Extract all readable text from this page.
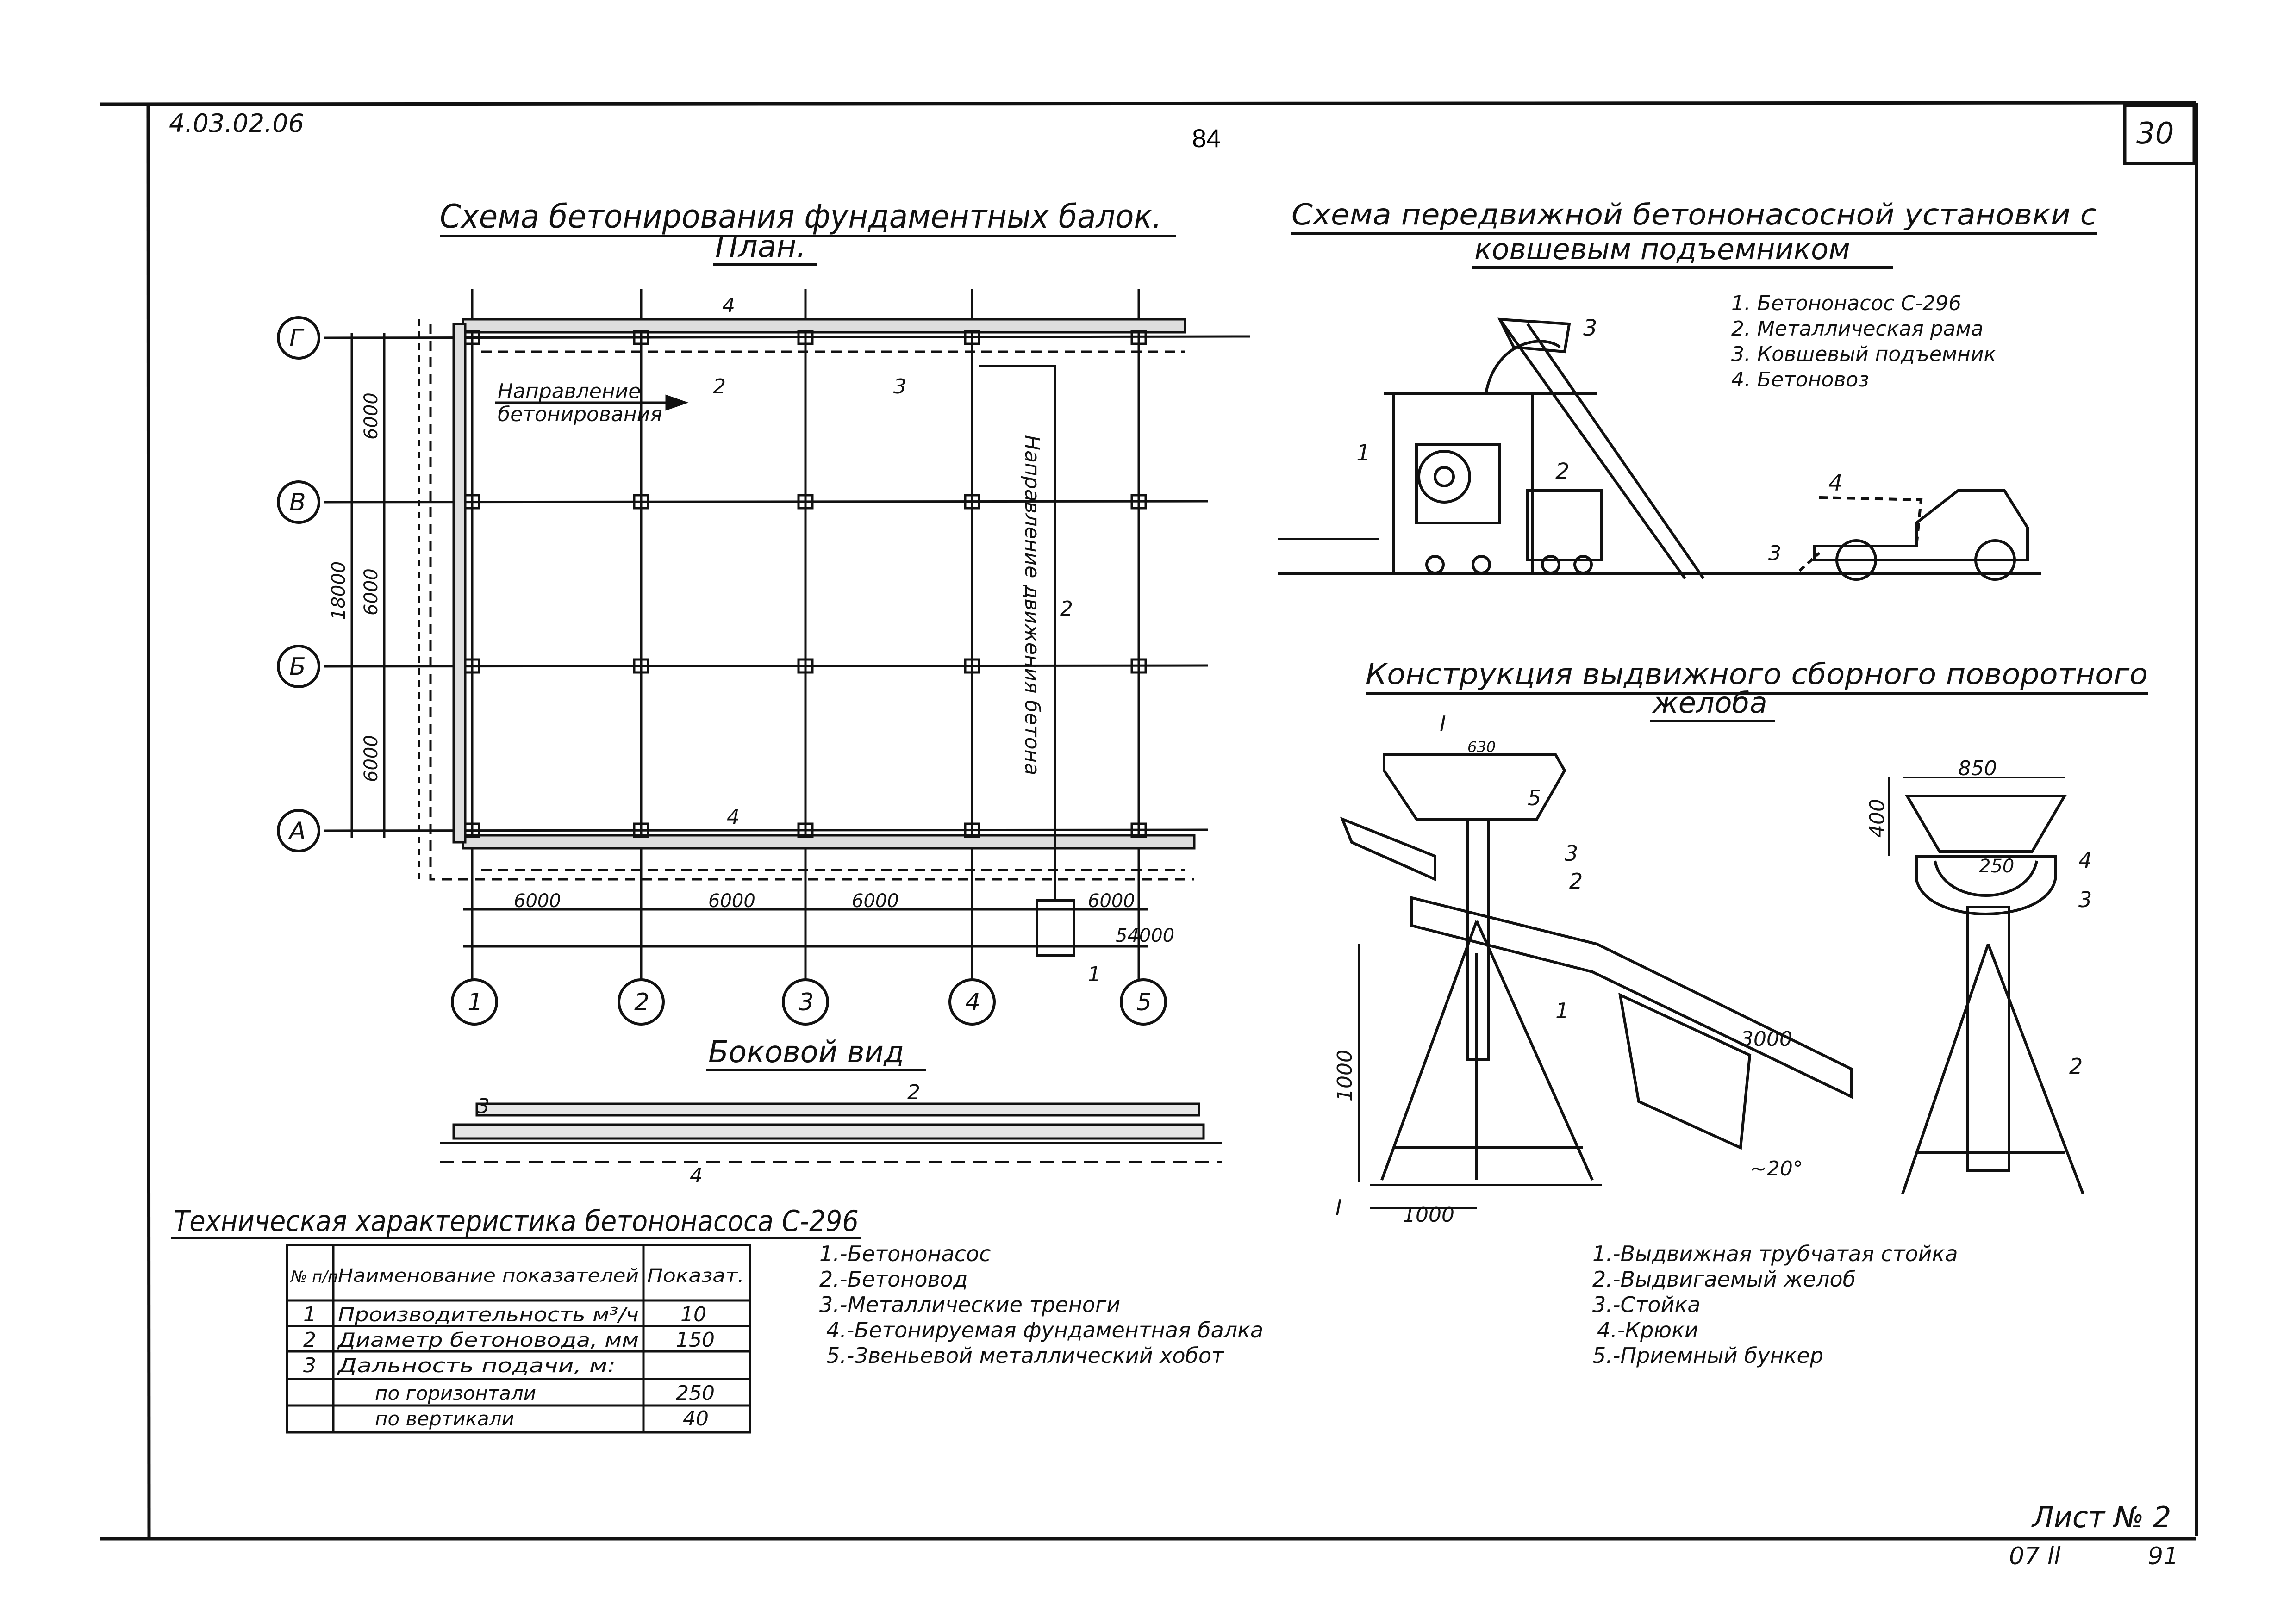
4.03.02.06
84	30
Схема бетонирования фундаментных балок.
План.
Г
В
Б
А
1	2	3	4	5
6000	6000	6000	6000
54000
6000
6000
6000
18000
Направление
бетонирования
Направление движения бетона
4
2	3
4
1
2
Боковой вид
2
3
4
Техническая характеристика бетононасоса С-296
№ п/п Наименование показателей Показат.
1 Производительность м³/ч 10
2 Диаметр бетоновода, мм 150
3 Дальность подачи, м:
по горизонтали	250
по вертикали	40
1.-Бетононасос
2.-Бетоновод
3.-Металлические треноги
4.-Бетонируемая фундаментная балка
5.-Звеньевой металлический хобот
Схема передвижной бетононасосной установки с
ковшевым подъемником
1. Бетононасос С-296
2. Металлическая рама
3. Ковшевый подъемник
4. Бетоновоз
1
2
3
3
4
Конструкция выдвижного сборного поворотного
желоба
850
400
250
3000
1000
1000
~20°
I
I
630
1
2
3
5
4
3
2
1.-Выдвижная трубчатая стойка
2.-Выдвигаемый желоб
3.-Стойка
4.-Крюки
5.-Приемный бункер
Лист № 2
07 ll	91
